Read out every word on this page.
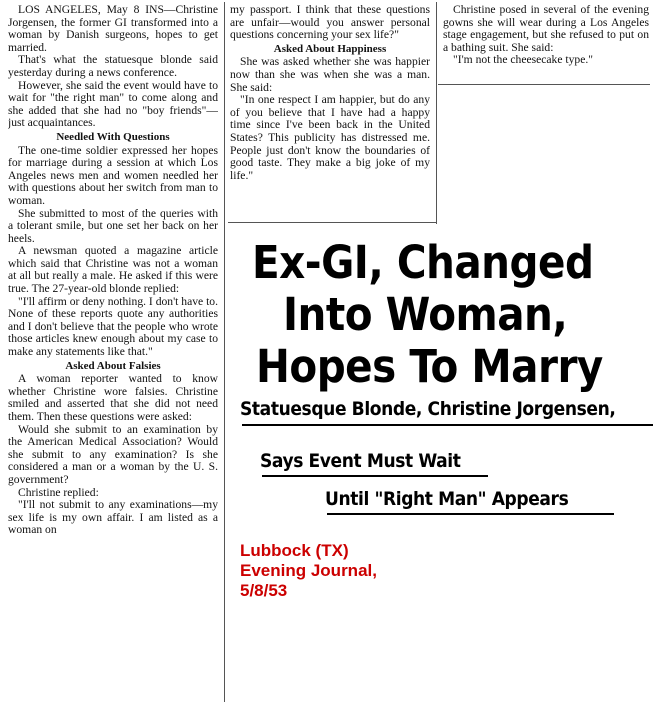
LOS ANGELES, May 8 INS—Christine Jorgensen, the former GI transformed into a woman by Danish surgeons, hopes to get married.

That's what the statuesque blonde said yesterday during a news conference.

However, she said the event would have to wait for "the right man" to come along and she added that she had no "boy friends"—just acquaintances.

Needled With Questions

The one-time soldier expressed her hopes for marriage during a session at which Los Angeles news men and women needled her with questions about her switch from man to woman.

She submitted to most of the queries with a tolerant smile, but one set her back on her heels.

A newsman quoted a magazine article which said that Christine was not a woman at all but really a male. He asked if this were true. The 27-year-old blonde replied:

"I'll affirm or deny nothing. I don't have to. None of these reports quote any authorities and I don't believe that the people who wrote those articles knew enough about my case to make any statements like that."

Asked About Falsies

A woman reporter wanted to know whether Christine wore falsies. Christine smiled and asserted that she did not need them. Then these questions were asked:

Would she submit to an examination by the American Medical Association? Would she submit to any examination? Is she considered a man or a woman by the U. S. government?

Christine replied:

"I'll not submit to any examinations—my sex life is my own affair. I am listed as a woman on

my passport. I think that these questions are unfair—would you answer personal questions concerning your sex life?"

Asked About Happiness

She was asked whether she was happier now than she was when she was a man. She said:

"In one respect I am happier, but do any of you believe that I have had a happy time since I've been back in the United States? This publicity has distressed me. People just don't know the boundaries of good taste. They make a big joke of my life."

Christine posed in several of the evening gowns she will wear during a Los Angeles stage engagement, but she refused to put on a bathing suit. She said:

"I'm not the cheesecake type."

Ex-GI, Changed
Into Woman,
Hopes To Marry
Statuesque Blonde, Christine Jorgensen,
Says Event Must Wait
Until "Right Man" Appears
Lubbock (TX)
Evening Journal,
5/8/53
